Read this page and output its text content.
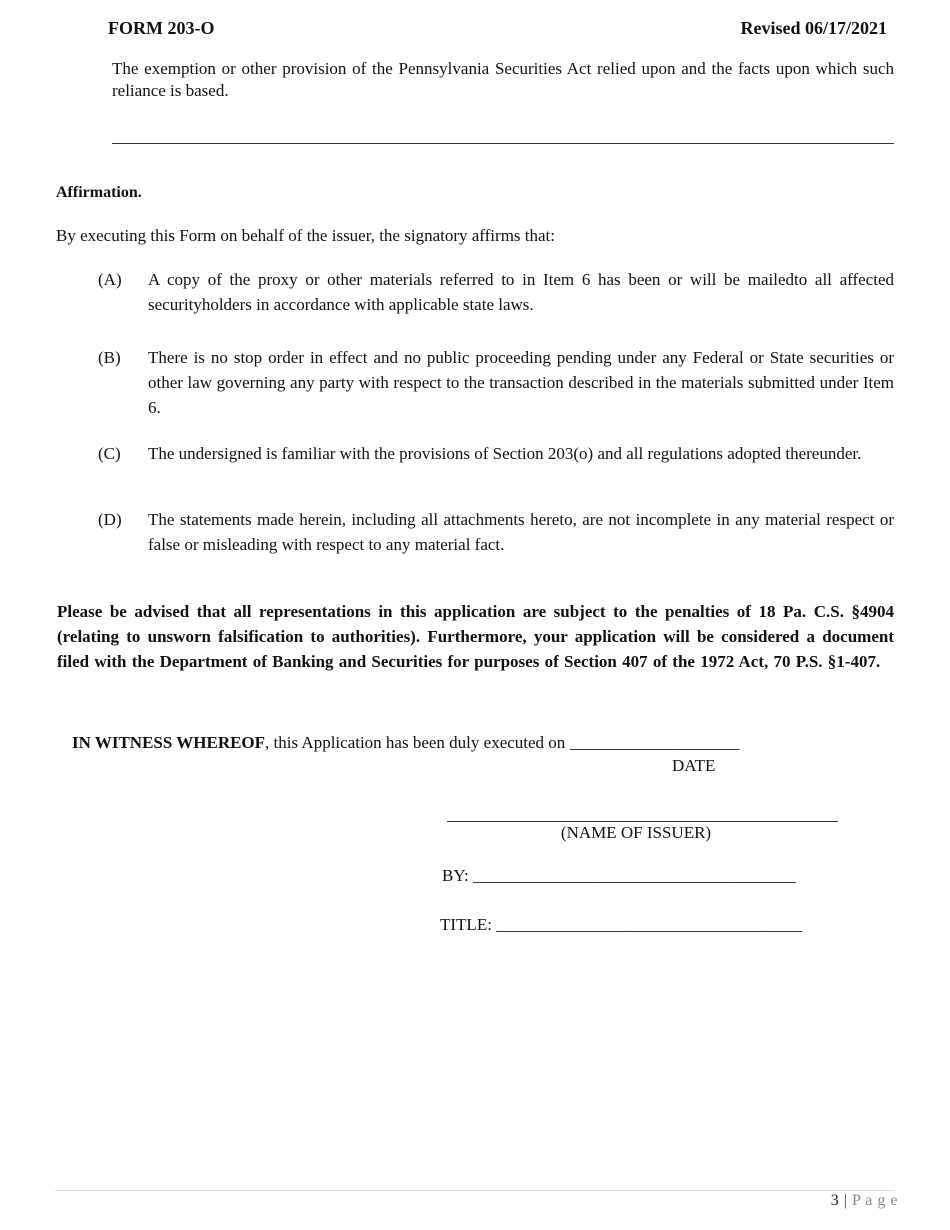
FORM 203-O	Revised 06/17/2021

The exemption or other provision of the Pennsylvania Securities Act relied upon and the facts upon which such reliance is based.

Affirmation.
By executing this Form on behalf of the issuer, the signatory affirms that:
(A) A copy of the proxy or other materials referred to in Item 6 has been or will be mailedto all affected securityholders in accordance with applicable state laws.

(B) There is no stop order in effect and no public proceeding pending under any Federal or State securities or other law governing any party with respect to the transaction described in the materials submitted under Item 6.

(C) The undersigned is familiar with the provisions of Section 203(o) and all regulations adopted thereunder.

(D) The statements made herein, including all attachments hereto, are not incomplete in any material respect or false or misleading with respect to any material fact.

Please be advised that all representations in this application are subject to the penalties of 18 Pa. C.S. §4904 (relating to unsworn falsification to authorities). Furthermore, your application will be considered a document filed with the Department of Banking and Securities for purposes of Section 407 of the 1972 Act, 70 P.S. §1-407.

IN WITNESS WHEREOF, this Application has been duly executed on ____________________
DATE
(NAME OF ISSUER)
BY: ______________________________________
TITLE: ____________________________________
3 | P a g e
